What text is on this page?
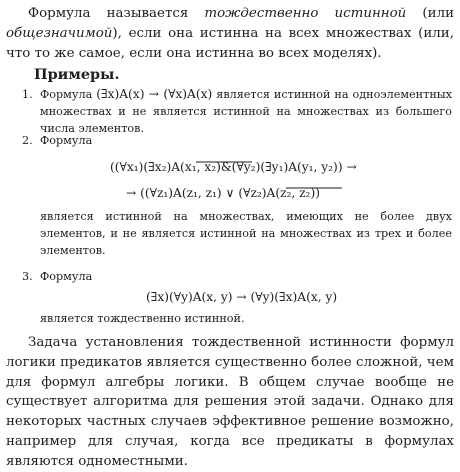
Формула называется тождественно истинной (или общезначимой), если она истинна на всех множествах (или, что то же самое, если она истинна во всех моделях).
Примеры.
1. Формула (∃x)A(x) → (∀x)A(x) является истинной на одноэлементных множествах и не является истинной на множествах из большего числа элементов.
2. Формула
((∀x₁)(∃x₂)A(x₁, x₂)&(∀y₂)(∃y₁)A(y₁, y₂)) →
→ ((∀z₁)A(z₁, z₁) ∨ (∀z₂)A(z₂, z₂))
является истинной на множествах, имеющих не более двух элементов, и не является истинной на множествах из трех и более элементов.
3. Формула
(∃x)(∀y)A(x, y) → (∀y)(∃x)A(x, y)
является тождественно истинной.
Задача установления тождественной истинности формул логики предикатов является существенно более сложной, чем для формул алгебры логики. В общем случае вообще не существует алгоритма для решения этой задачи. Однако для некоторых частных случаев эффективное решение возможно, например для случая, когда все предикаты в формулах являются одноместными.
